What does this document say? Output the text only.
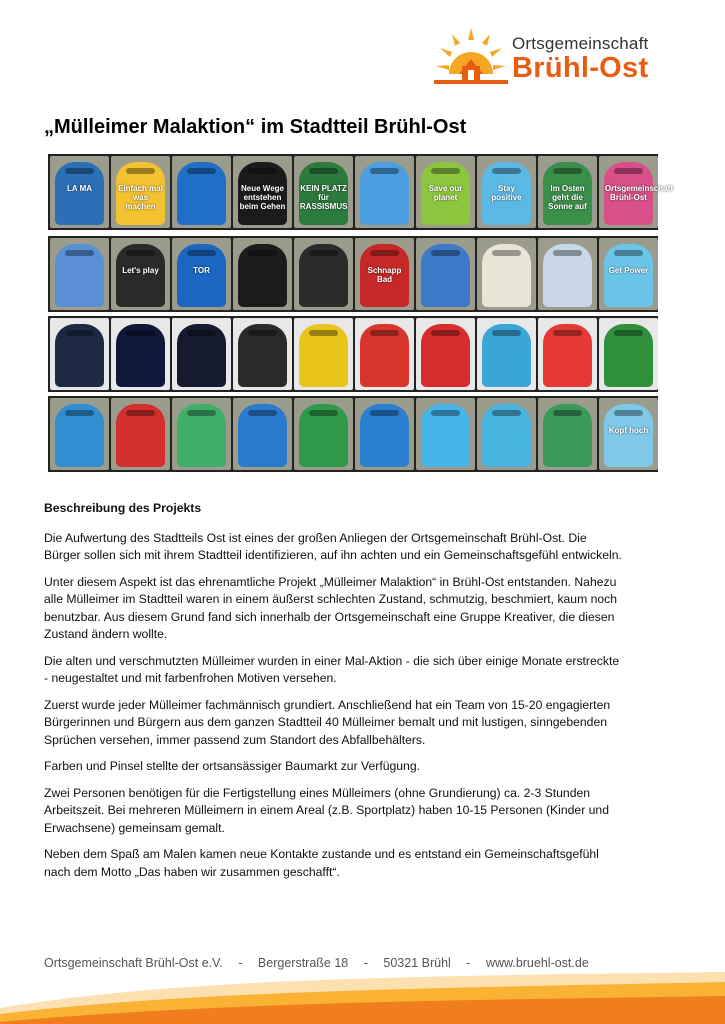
Ortsgemeinschaft
Brühl-Ost
„Mülleimer Malaktion“ im Stadtteil Brühl-Ost
LA MA	Einfach mal was machen
Neue Wege entstehen beim Gehen
KEIN PLATZ für RASSISMUS
Save our planet
Stay positive
Im Osten geht die Sonne auf
Ortsgemeinschaft Brühl-Ost
Let's play	TOR	Schnapp Bad
Get Power
Kopf hoch
Beschreibung des Projekts

Die Aufwertung des Stadtteils Ost ist eines der großen Anliegen der Ortsgemeinschaft Brühl-Ost. Die Bürger sollen sich mit ihrem Stadtteil identifizieren, auf ihn achten und ein Gemeinschaftsgefühl entwickeln.

Unter diesem Aspekt ist das ehrenamtliche Projekt „Mülleimer Malaktion“ in Brühl-Ost entstanden. Nahezu alle Mülleimer im Stadtteil waren in einem äußerst schlechten Zustand, schmutzig, beschmiert, kaum noch benutzbar. Aus diesem Grund fand sich innerhalb der Ortsgemeinschaft eine Gruppe Kreativer, die diesen Zustand ändern wollte.

Die alten und verschmutzten Mülleimer wurden in einer Mal-Aktion - die sich über einige Monate erstreckte - neugestaltet und mit farbenfrohen Motiven versehen.

Zuerst wurde jeder Mülleimer fachmännisch grundiert. Anschließend hat ein Team von 15-20 engagierten Bürgerinnen und Bürgern aus dem ganzen Stadtteil 40 Mülleimer bemalt und mit lustigen, sinngebenden Sprüchen versehen, immer passend zum Standort des Abfallbehälters.

Farben und Pinsel stellte der ortsansässiger Baumarkt zur Verfügung.

Zwei Personen benötigen für die Fertigstellung eines Mülleimers (ohne Grundierung) ca. 2-3 Stunden Arbeitszeit. Bei mehreren Mülleimern in einem Areal (z.B. Sportplatz) haben 10-15 Personen (Kinder und Erwachsene) gemeinsam gemalt.

Neben dem Spaß am Malen kamen neue Kontakte zustande und es entstand ein Gemeinschaftsgefühl nach dem Motto „Das haben wir zusammen geschafft“.

Ortsgemeinschaft Brühl-Ost e.V. - Bergerstraße 18 - 50321 Brühl - www.bruehl-ost.de
